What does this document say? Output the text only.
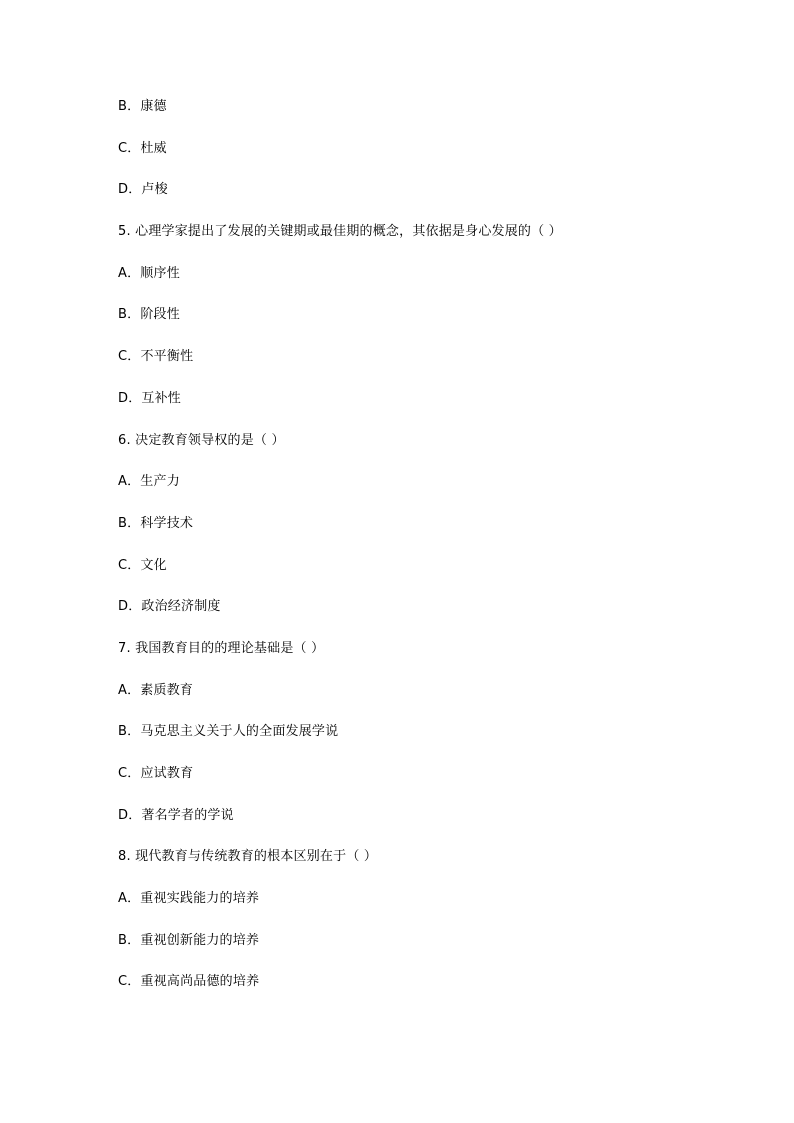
B．康德
C．杜威
D．卢梭
5. 心理学家提出了发展的关键期或最佳期的概念，其依据是身心发展的（ ）
A．顺序性
B．阶段性
C．不平衡性
D．互补性
6. 决定教育领导权的是（ ）
A．生产力
B．科学技术
C．文化
D．政治经济制度
7. 我国教育目的的理论基础是（ ）
A．素质教育
B．马克思主义关于人的全面发展学说
C．应试教育
D．著名学者的学说
8. 现代教育与传统教育的根本区别在于（ ）
A．重视实践能力的培养
B．重视创新能力的培养
C．重视高尚品德的培养
